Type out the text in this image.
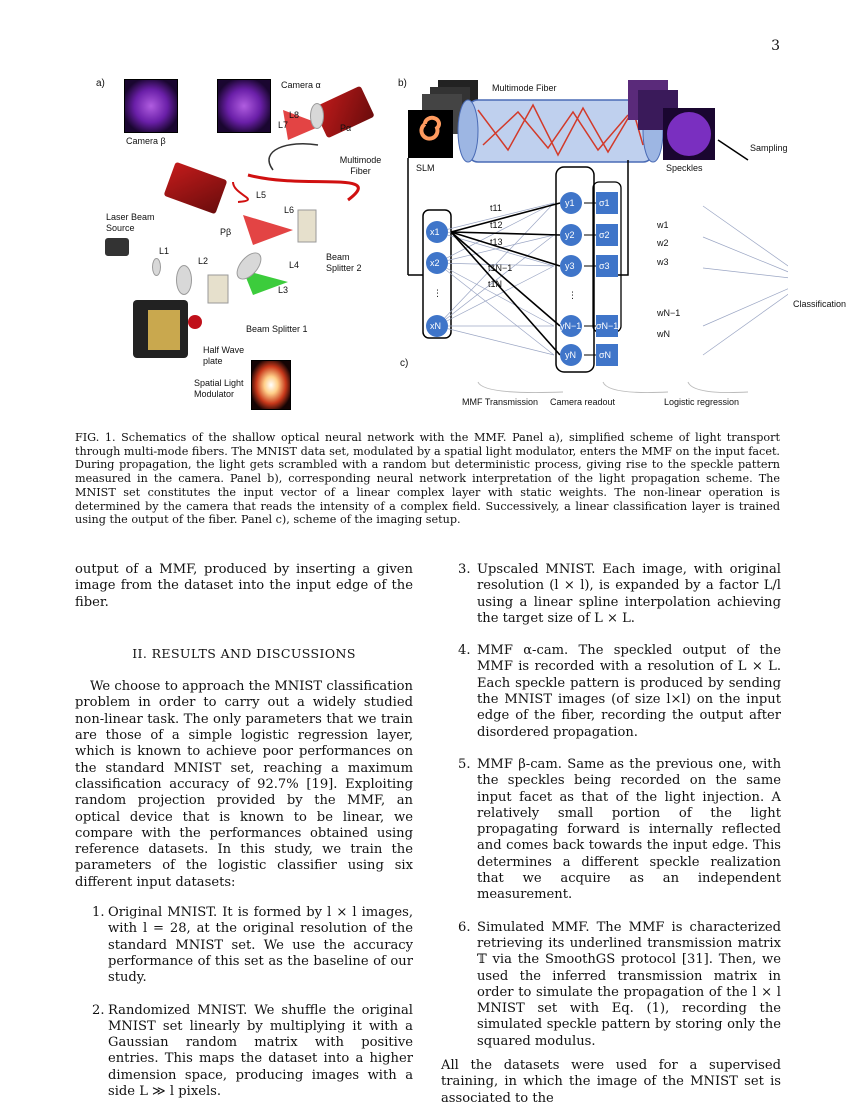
3
a)
Camera β
Camera α
Multimode Fiber
Laser Beam Source
Beam Splitter 2
Beam Splitter 1
Half Wave plate
Spatial Light Modulator
L1
L2
L3
L4
L5
L6
L7
L8
Pα
Pβ
b)
c)
Multimode Fiber
SLM	Speckles
Sampling
Classification
x1
x2
⋮
xN
y1
y2
y3
⋮
yN−1
yN
σ1
σ2
σ3
σN−1
σN
t11
t12
t13
t1N−1
t1N
w1
w2
w3
wN−1
wN
MMF Transmission Camera readout	Logistic regression
FIG. 1. Schematics of the shallow optical neural network with the MMF. Panel a), simplified scheme of light transport through multi-mode fibers. The MNIST data set, modulated by a spatial light modulator, enters the MMF on the input facet. During propagation, the light gets scrambled with a random but deterministic process, giving rise to the speckle pattern measured in the camera. Panel b), corresponding neural network interpretation of the light propagation scheme. The MNIST set constitutes the input vector of a linear complex layer with static weights. The non-linear operation is determined by the camera that reads the intensity of a complex field. Successively, a linear classification layer is trained using the output of the fiber. Panel c), scheme of the imaging setup.

output of a MMF, produced by inserting a given image from the dataset into the input edge of the fiber.

II. RESULTS AND DISCUSSIONS

We choose to approach the MNIST classification problem in order to carry out a widely studied non-linear task. The only parameters that we train are those of a simple logistic regression layer, which is known to achieve poor performances on the standard MNIST set, reaching a maximum classification accuracy of 92.7% [19]. Exploiting random projection provided by the MMF, an optical device that is known to be linear, we compare with the performances obtained using reference datasets. In this study, we train the parameters of the logistic classifier using six different input datasets:

1. Original MNIST. It is formed by l × l images, with l = 28, at the original resolution of the standard MNIST set. We use the accuracy performance of this set as the baseline of our study.
2. Randomized MNIST. We shuffle the original MNIST set linearly by multiplying it with a Gaussian random matrix with positive entries. This maps the dataset into a higher dimension space, producing images with a side L ≫ l pixels.
3. Upscaled MNIST. Each image, with original resolution (l × l), is expanded by a factor L/l using a linear spline interpolation achieving the target size of L × L.
4. MMF α-cam. The speckled output of the MMF is recorded with a resolution of L × L. Each speckle pattern is produced by sending the MNIST images (of size l×l) on the input edge of the fiber, recording the output after disordered propagation.
5. MMF β-cam. Same as the previous one, with the speckles being recorded on the same input facet as that of the light injection. A relatively small portion of the light propagating forward is internally reflected and comes back towards the input edge. This determines a different speckle realization that we acquire as an independent measurement.
6. Simulated MMF. The MMF is characterized retrieving its underlined transmission matrix 𝕋 via the SmoothGS protocol [31]. Then, we used the inferred transmission matrix in order to simulate the propagation of the l × l MNIST set with Eq. (1), recording the simulated speckle pattern by storing only the squared modulus.

All the datasets were used for a supervised training, in which the image of the MNIST set is associated to the
